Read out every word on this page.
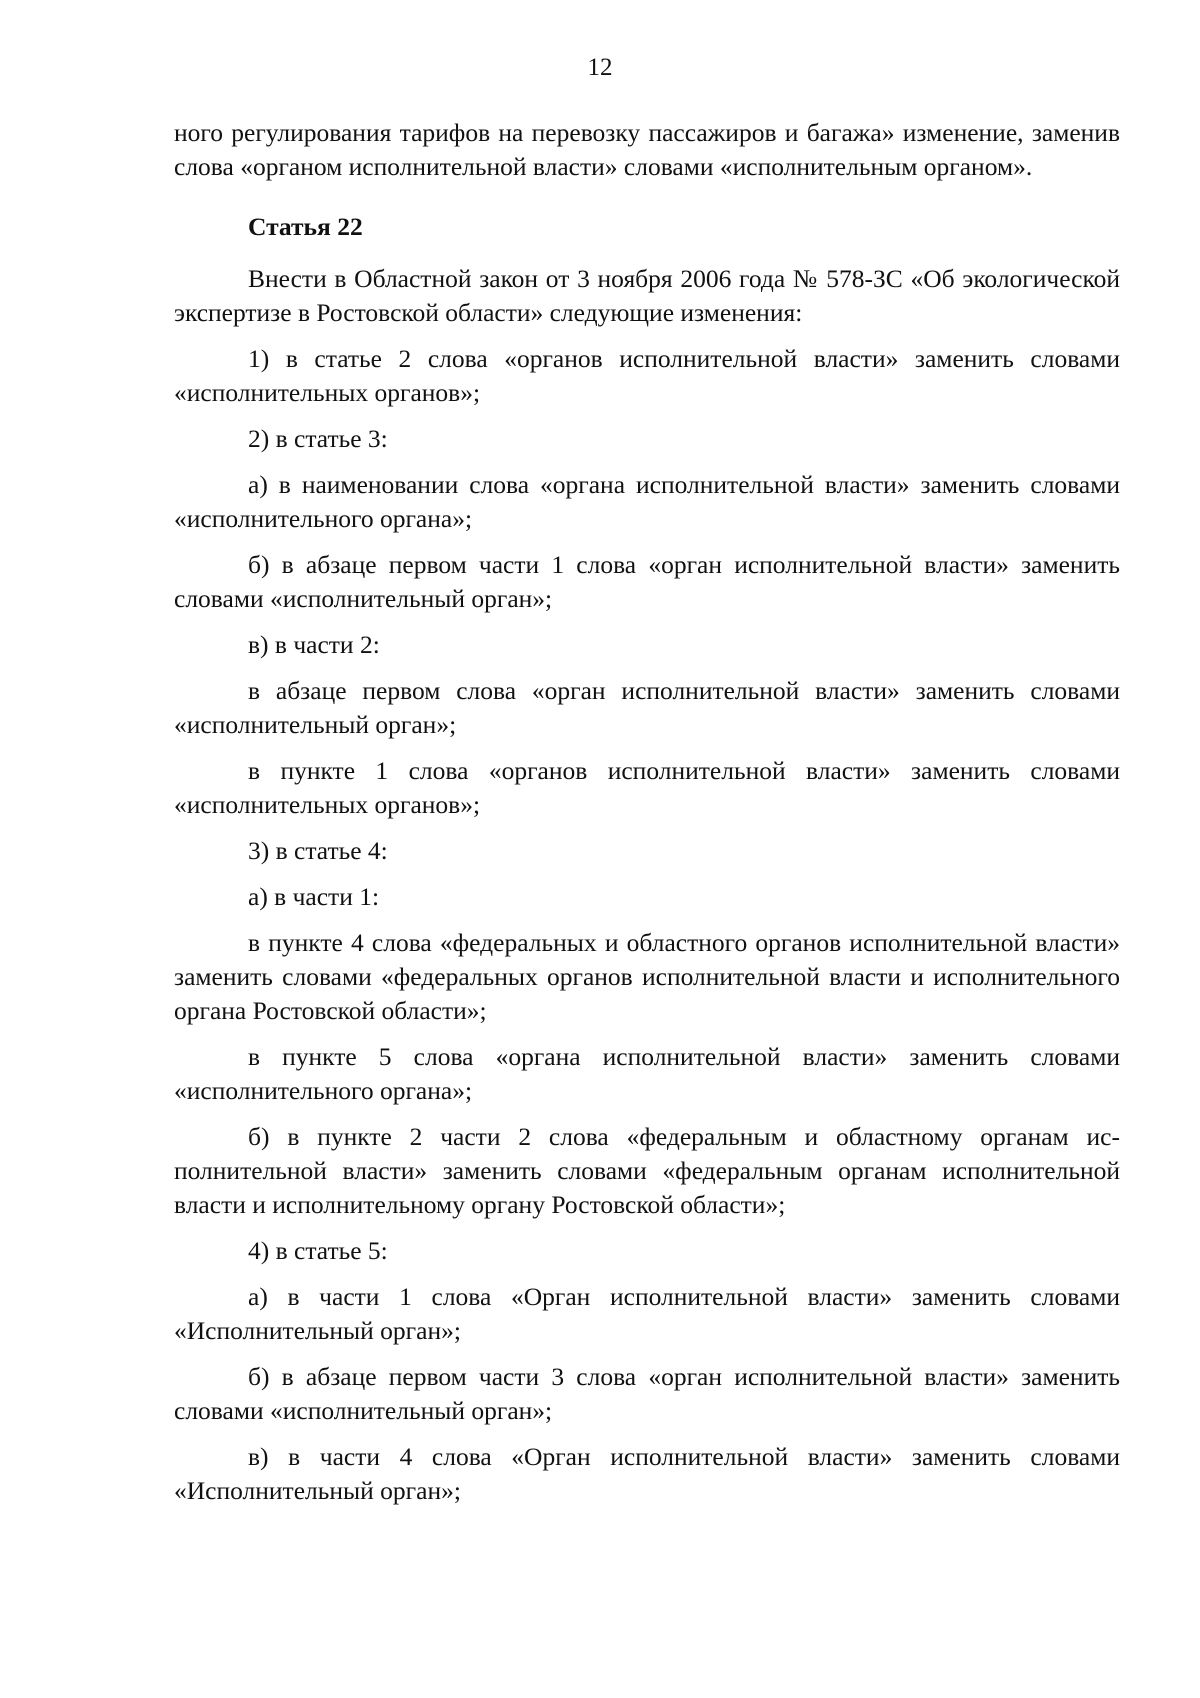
12

ного регулирования тарифов на перевозку пассажиров и багажа» изменение, заменив слова «органом исполнительной власти» словами «исполнительным органом».

Статья 22

Внести в Областной закон от 3 ноября 2006 года № 578-ЗС «Об экологической экспертизе в Ростовской области» следующие изменения:

1) в статье 2 слова «органов исполнительной власти» заменить словами «исполнительных органов»;

2) в статье 3:

а) в наименовании слова «органа исполнительной власти» заменить словами «исполнительного органа»;

б) в абзаце первом части 1 слова «орган исполнительной власти» заменить словами «исполнительный орган»;

в) в части 2:

в абзаце первом слова «орган исполнительной власти» заменить словами «исполнительный орган»;

в пункте 1 слова «органов исполнительной власти» заменить словами «исполнительных органов»;

3) в статье 4:

а) в части 1:

в пункте 4 слова «федеральных и областного органов исполнительной власти» заменить словами «федеральных органов исполнительной власти и исполнительного органа Ростовской области»;

в пункте 5 слова «органа исполнительной власти» заменить словами «исполнительного органа»;

б) в пункте 2 части 2 слова «федеральным и областному органам исполнительной власти» заменить словами «федеральным органам исполнительной власти и исполнительному органу Ростовской области»;

4) в статье 5:

а) в части 1 слова «Орган исполнительной власти» заменить словами «Исполнительный орган»;

б) в абзаце первом части 3 слова «орган исполнительной власти» заменить словами «исполнительный орган»;

в) в части 4 слова «Орган исполнительной власти» заменить словами «Исполнительный орган»;
